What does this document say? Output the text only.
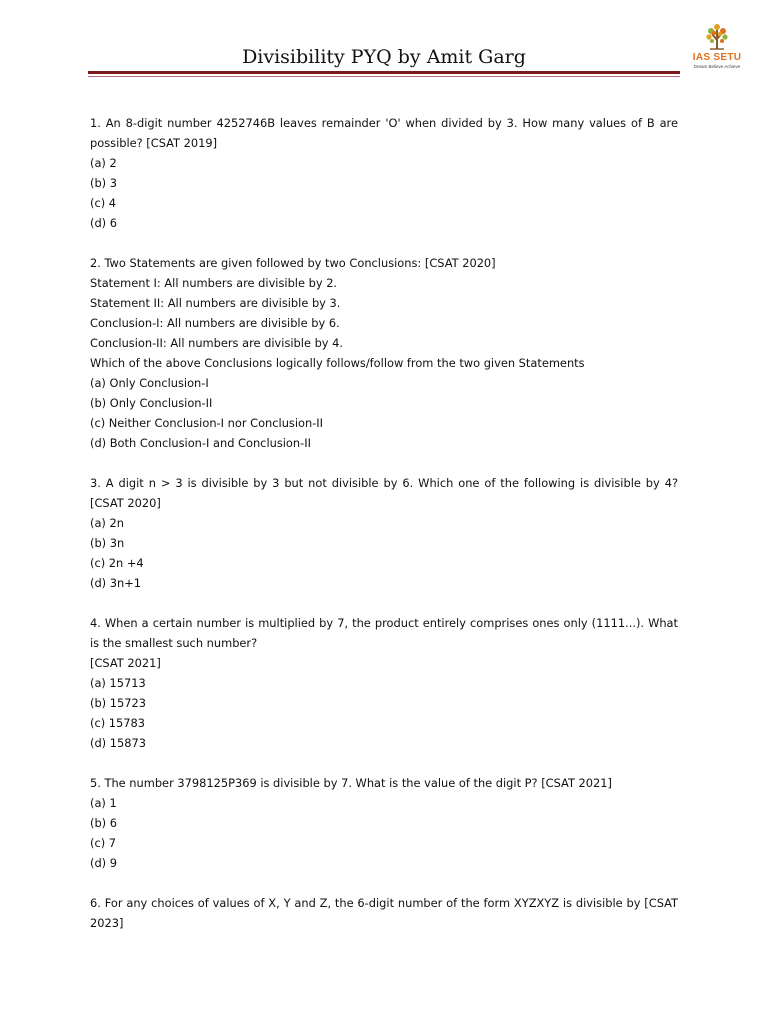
Divisibility PYQ by Amit Garg	IAS SETU
Dream Believe Achieve
1. An 8-digit number 4252746B leaves remainder 'O' when divided by 3. How many values of B are possible? [CSAT 2019]
(a) 2
(b) 3
(c) 4
(d) 6
2. Two Statements are given followed by two Conclusions: [CSAT 2020]
Statement I: All numbers are divisible by 2.
Statement II: All numbers are divisible by 3.
Conclusion-I: All numbers are divisible by 6.
Conclusion-II: All numbers are divisible by 4.
Which of the above Conclusions logically follows/follow from the two given Statements
(a) Only Conclusion-I
(b) Only Conclusion-II
(c) Neither Conclusion-I nor Conclusion-II
(d) Both Conclusion-I and Conclusion-II
3. A digit n > 3 is divisible by 3 but not divisible by 6. Which one of the following is divisible by 4? [CSAT 2020]
(a) 2n
(b) 3n
(c) 2n +4
(d) 3n+1
4. When a certain number is multiplied by 7, the product entirely comprises ones only (1111...). What is the smallest such number?
[CSAT 2021]
(a) 15713
(b) 15723
(c) 15783
(d) 15873
5. The number 3798125P369 is divisible by 7. What is the value of the digit P? [CSAT 2021]
(a) 1
(b) 6
(c) 7
(d) 9
6. For any choices of values of X, Y and Z, the 6-digit number of the form XYZXYZ is divisible by [CSAT 2023]
